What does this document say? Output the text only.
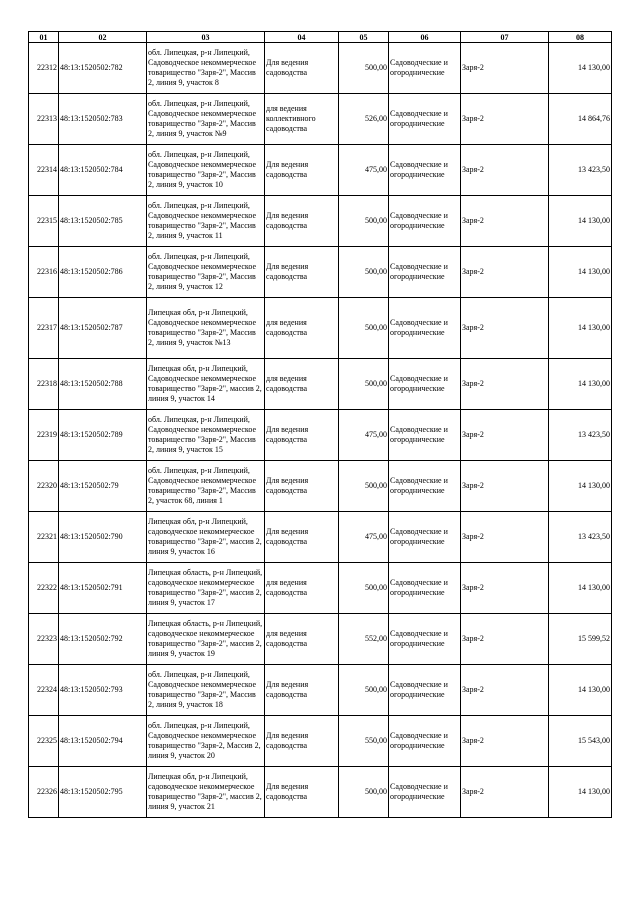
01	02	03	04	05	06	07	08
22312	48:13:1520502:782	обл. Липецкая, р-н Липецкий, Садоводческое некоммерческое товарищество "Заря-2", Массив 2, линия 9, участок 8	Для ведения садоводства	500,00	Садоводческие и огороднические	Заря-2	14 130,00
22313	48:13:1520502:783	обл. Липецкая, р-н Липецкий, Садоводческое некоммерческое товарищество "Заря-2", Массив 2, линия 9, участок №9	для ведения коллективного садоводства	526,00	Садоводческие и огороднические	Заря-2	14 864,76
22314	48:13:1520502:784	обл. Липецкая, р-н Липецкий, Садоводческое некоммерческое товарищество "Заря-2", Массив 2, линия 9, участок 10	Для ведения садоводства	475,00	Садоводческие и огороднические	Заря-2	13 423,50
22315	48:13:1520502:785	обл. Липецкая, р-н Липецкий, Садоводческое некоммерческое товарищество "Заря-2", Массив 2, линия 9, участок 11	Для ведения садоводства	500,00	Садоводческие и огороднические	Заря-2	14 130,00
22316	48:13:1520502:786	обл. Липецкая, р-н Липецкий, Садоводческое некоммерческое товарищество "Заря-2", Массив 2, линия 9, участок 12	Для ведения садоводства	500,00	Садоводческие и огороднические	Заря-2	14 130,00
22317	48:13:1520502:787	Липецкая обл, р-н Липецкий, Садоводческое некоммерческое товарищество "Заря-2", Массив 2, линия 9, участок №13	для ведения садоводства	500,00	Садоводческие и огороднические	Заря-2	14 130,00
22318	48:13:1520502:788	Липецкая обл, р-н Липецкий, Садоводческое некоммерческое товарищество "Заря-2", массив 2, линия 9, участок 14	для ведения садоводства	500,00	Садоводческие и огороднические	Заря-2	14 130,00
22319	48:13:1520502:789	обл. Липецкая, р-н Липецкий, Садоводческое некоммерческое товарищество "Заря-2", Массив 2, линия 9, участок 15	Для ведения садоводства	475,00	Садоводческие и огороднические	Заря-2	13 423,50
22320	48:13:1520502:79	обл. Липецкая, р-н Липецкий, Садоводческое некоммерческое товарищество "Заря-2", Массив 2, участок 68, линия 1	Для ведения садоводства	500,00	Садоводческие и огороднические	Заря-2	14 130,00
22321	48:13:1520502:790	Липецкая обл, р-н Липецкий, садоводческое некоммерческое товарищество "Заря-2", массив 2, линия 9, участок 16	Для ведения садоводства	475,00	Садоводческие и огороднические	Заря-2	13 423,50
22322	48:13:1520502:791	Липецкая область, р-н Липецкий, садоводческое некоммерческое товарищество "Заря-2", массив 2, линия 9, участок 17	для ведения садоводства	500,00	Садоводческие и огороднические	Заря-2	14 130,00
22323	48:13:1520502:792	Липецкая область, р-н Липецкий, садоводческое некоммерческое товарищество "Заря-2", массив 2, линия 9, участок 19	для ведения садоводства	552,00	Садоводческие и огороднические	Заря-2	15 599,52
22324	48:13:1520502:793	обл. Липецкая, р-н Липецкий, Садоводческое некоммерческое товарищество "Заря-2", Массив 2, линия 9, участок 18	Для ведения садоводства	500,00	Садоводческие и огороднические	Заря-2	14 130,00
22325	48:13:1520502:794	обл. Липецкая, р-н Липецкий, Садоводческое некоммерческое товарищество "Заря-2, Массив 2, линия 9, участок 20	Для ведения садоводства	550,00	Садоводческие и огороднические	Заря-2	15 543,00
22326	48:13:1520502:795	Липецкая обл, р-н Липецкий, садоводческое некоммерческое товарищество "Заря-2", массив 2, линия 9, участок 21	Для ведения садоводства	500,00	Садоводческие и огороднические	Заря-2	14 130,00
